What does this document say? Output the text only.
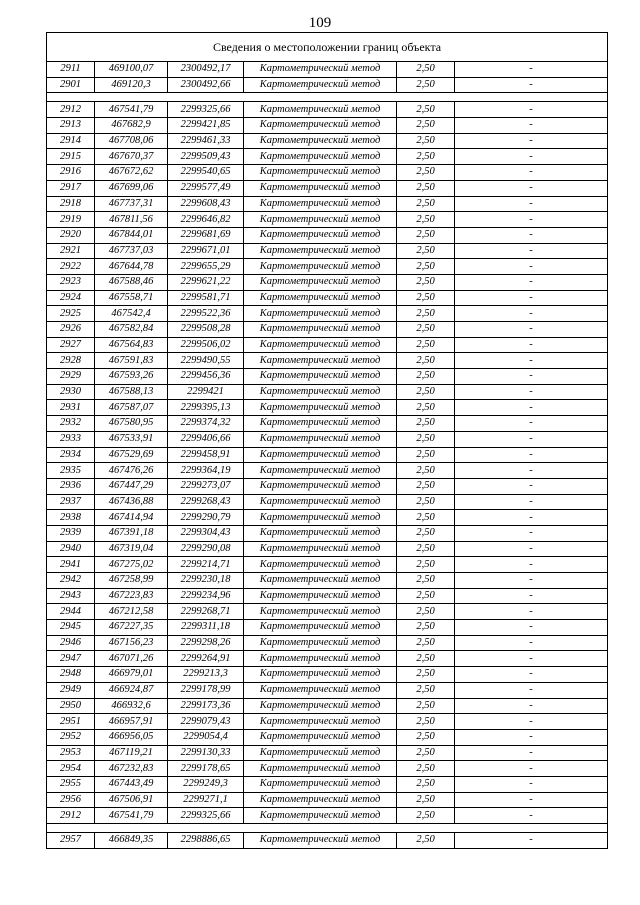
109
Сведения о местоположении границ объекта					
2911	469100,07	2300492,17	Картометрический метод	2,50	-
2901	469120,3	2300492,66	Картометрический метод	2,50	-

2912	467541,79	2299325,66	Картометрический метод	2,50	-
2913	467682,9	2299421,85	Картометрический метод	2,50	-
2914	467708,06	2299461,33	Картометрический метод	2,50	-
2915	467670,37	2299509,43	Картометрический метод	2,50	-
2916	467672,62	2299540,65	Картометрический метод	2,50	-
2917	467699,06	2299577,49	Картометрический метод	2,50	-
2918	467737,31	2299608,43	Картометрический метод	2,50	-
2919	467811,56	2299646,82	Картометрический метод	2,50	-
2920	467844,01	2299681,69	Картометрический метод	2,50	-
2921	467737,03	2299671,01	Картометрический метод	2,50	-
2922	467644,78	2299655,29	Картометрический метод	2,50	-
2923	467588,46	2299621,22	Картометрический метод	2,50	-
2924	467558,71	2299581,71	Картометрический метод	2,50	-
2925	467542,4	2299522,36	Картометрический метод	2,50	-
2926	467582,84	2299508,28	Картометрический метод	2,50	-
2927	467564,83	2299506,02	Картометрический метод	2,50	-
2928	467591,83	2299490,55	Картометрический метод	2,50	-
2929	467593,26	2299456,36	Картометрический метод	2,50	-
2930	467588,13	2299421	Картометрический метод	2,50	-
2931	467587,07	2299395,13	Картометрический метод	2,50	-
2932	467580,95	2299374,32	Картометрический метод	2,50	-
2933	467533,91	2299406,66	Картометрический метод	2,50	-
2934	467529,69	2299458,91	Картометрический метод	2,50	-
2935	467476,26	2299364,19	Картометрический метод	2,50	-
2936	467447,29	2299273,07	Картометрический метод	2,50	-
2937	467436,88	2299268,43	Картометрический метод	2,50	-
2938	467414,94	2299290,79	Картометрический метод	2,50	-
2939	467391,18	2299304,43	Картометрический метод	2,50	-
2940	467319,04	2299290,08	Картометрический метод	2,50	-
2941	467275,02	2299214,71	Картометрический метод	2,50	-
2942	467258,99	2299230,18	Картометрический метод	2,50	-
2943	467223,83	2299234,96	Картометрический метод	2,50	-
2944	467212,58	2299268,71	Картометрический метод	2,50	-
2945	467227,35	2299311,18	Картометрический метод	2,50	-
2946	467156,23	2299298,26	Картометрический метод	2,50	-
2947	467071,26	2299264,91	Картометрический метод	2,50	-
2948	466979,01	2299213,3	Картометрический метод	2,50	-
2949	466924,87	2299178,99	Картометрический метод	2,50	-
2950	466932,6	2299173,36	Картометрический метод	2,50	-
2951	466957,91	2299079,43	Картометрический метод	2,50	-
2952	466956,05	2299054,4	Картометрический метод	2,50	-
2953	467119,21	2299130,33	Картометрический метод	2,50	-
2954	467232,83	2299178,65	Картометрический метод	2,50	-
2955	467443,49	2299249,3	Картометрический метод	2,50	-
2956	467506,91	2299271,1	Картометрический метод	2,50	-
2912	467541,79	2299325,66	Картометрический метод	2,50	-

2957	466849,35	2298886,65	Картометрический метод	2,50	-
